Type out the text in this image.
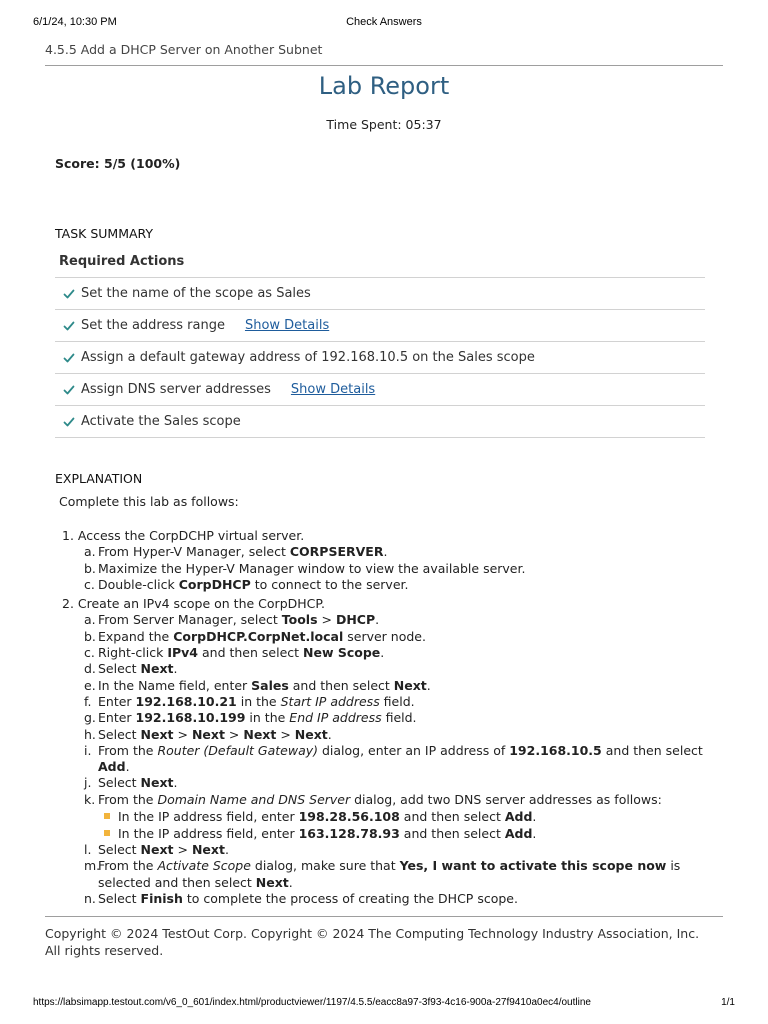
6/1/24, 10:30 PM	Check Answers
4.5.5 Add a DHCP Server on Another Subnet
Lab Report
Time Spent: 05:37
Score: 5/5 (100%)
TASK SUMMARY
Required Actions
Set the name of the scope as Sales
Set the address range Show Details
Assign a default gateway address of 192.168.10.5 on the Sales scope
Assign DNS server addresses Show Details
Activate the Sales scope
EXPLANATION
Complete this lab as follows:
1. Access the CorpDCHP virtual server.
a. From Hyper-V Manager, select CORPSERVER.
b. Maximize the Hyper-V Manager window to view the available server.
c. Double-click CorpDHCP to connect to the server.
2. Create an IPv4 scope on the CorpDHCP.
a. From Server Manager, select Tools > DHCP.
b. Expand the CorpDHCP.CorpNet.local server node.
c. Right-click IPv4 and then select New Scope.
d. Select Next.
e. In the Name field, enter Sales and then select Next.
f. Enter 192.168.10.21 in the Start IP address field.
g. Enter 192.168.10.199 in the End IP address field.
h. Select Next > Next > Next > Next.
i. From the Router (Default Gateway) dialog, enter an IP address of 192.168.10.5 and then select Add.
j. Select Next.
k. From the Domain Name and DNS Server dialog, add two DNS server addresses as follows:
In the IP address field, enter 198.28.56.108 and then select Add.
In the IP address field, enter 163.128.78.93 and then select Add.
l. Select Next > Next.
m.
From the Activate Scope dialog, make sure that Yes, I want to activate this scope now is selected and then select Next.
n. Select Finish to complete the process of creating the DHCP scope.
Copyright © 2024 TestOut Corp. Copyright © 2024 The Computing Technology Industry Association, Inc. All rights reserved.
https://labsimapp.testout.com/v6_0_601/index.html/productviewer/1197/4.5.5/eacc8a97-3f93-4c16-900a-27f9410a0ec4/outline	1/1
